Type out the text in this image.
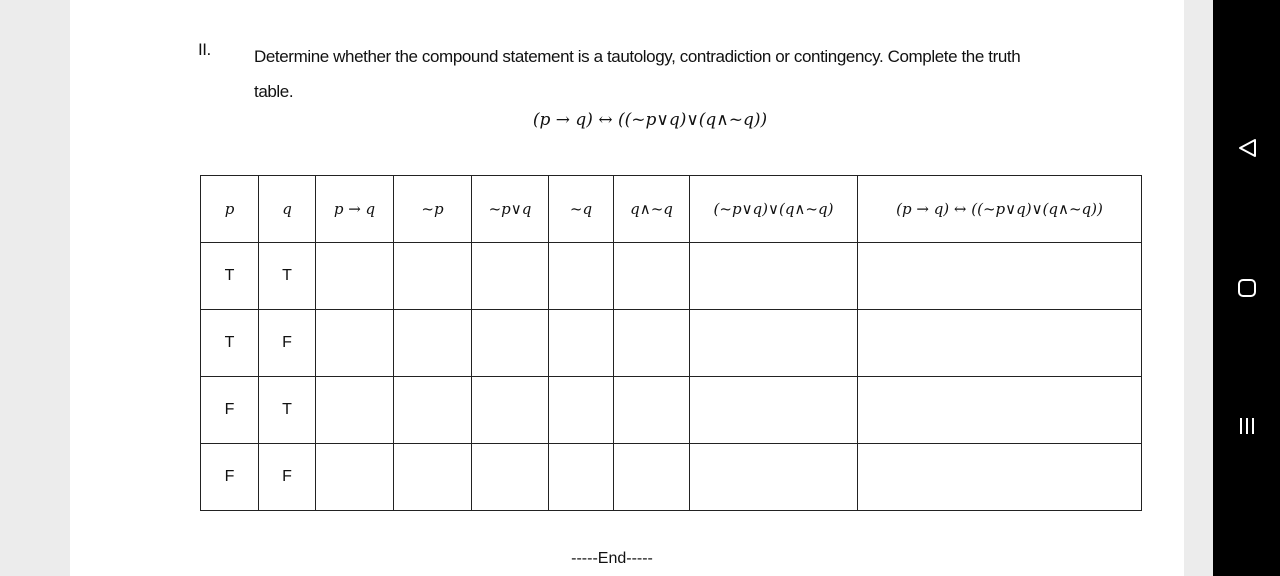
II.	Determine whether the compound statement is a tautology, contradiction or contingency. Complete the truth table.
(p → q) ↔ ((~p∨q)∨(q∧~q))
p	q	p → q	~p	~p∨q	~q	q∧~q	(~p∨q)∨(q∧~q)	(p → q) ↔ ((~p∨q)∨(q∧~q))
T	T							
T	F							
F	T							
F	F							
-----End-----
